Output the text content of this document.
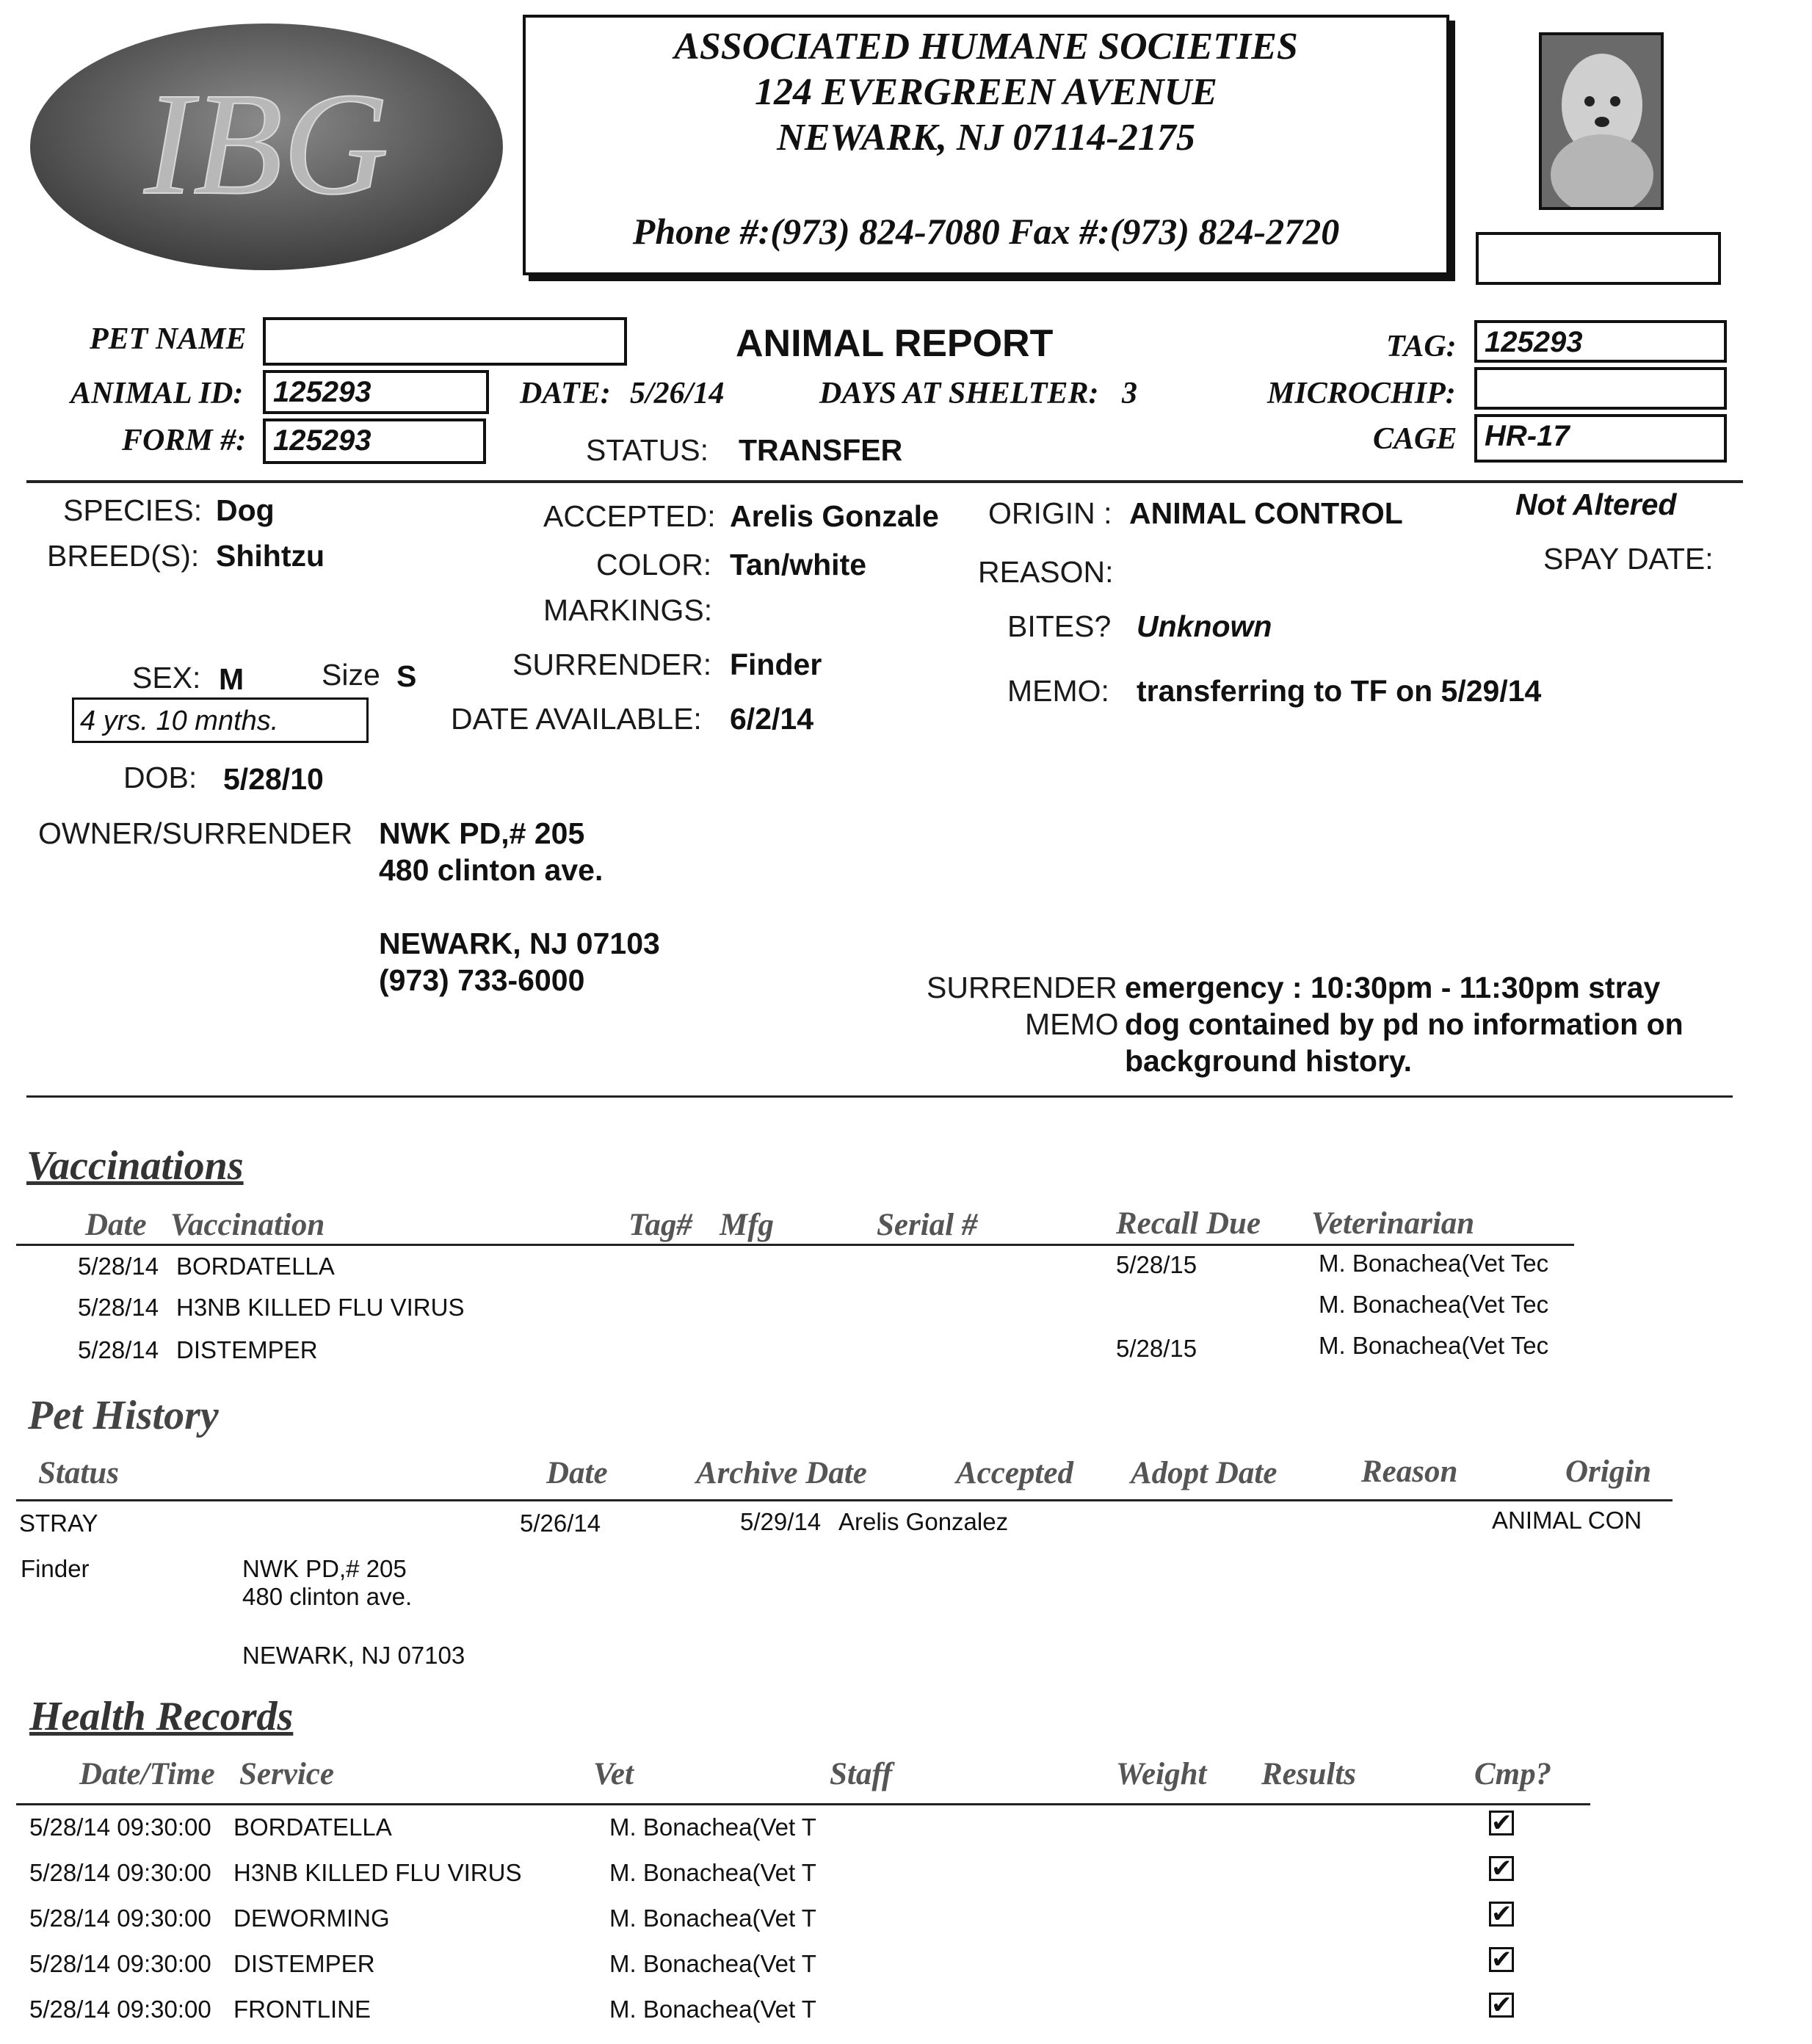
IBG
ASSOCIATED HUMANE SOCIETIES
124 EVERGREEN AVENUE
NEWARK, NJ 07114-2175
Phone #:(973) 824-7080 Fax #:(973) 824-2720
PET NAME	ANIMAL REPORT	TAG: 125293
ANIMAL ID: 125293	DATE: 5/26/14	DAYS AT SHELTER: 3	MICROCHIP:
FORM #: 125293	STATUS: TRANSFER	CAGE HR-17
SPECIES: Dog
BREED(S): Shihtzu
SEX: M	Size S
4 yrs. 10 mnths.
DOB: 5/28/10
ACCEPTED: Arelis Gonzale
COLOR: Tan/white
MARKINGS:
SURRENDER: Finder
DATE AVAILABLE: 6/2/14
ORIGIN : ANIMAL CONTROL
REASON:
BITES? Unknown
MEMO: transferring to TF on 5/29/14
Not Altered
SPAY DATE:
OWNER/SURRENDER NWK PD,# 205
480 clinton ave.
NEWARK, NJ 07103
(973) 733-6000	SURRENDER
MEMO
emergency : 10:30pm - 11:30pm stray
dog contained by pd no information on
background history.
Vaccinations
Date Vaccination	Tag# Mfg	Serial #	Recall Due Veterinarian
5/28/14 BORDATELLA	5/28/15	M. Bonachea(Vet Tec
5/28/14 H3NB KILLED FLU VIRUS	M. Bonachea(Vet Tec
5/28/14 DISTEMPER	5/28/15	M. Bonachea(Vet Tec
Pet History
Status	Date	Archive Date	Accepted Adopt Date	Reason	Origin
STRAY	5/26/14	5/29/14 Arelis Gonzalez	ANIMAL CON
Finder	NWK PD,# 205
480 clinton ave.
NEWARK, NJ 07103
Health Records
Date/Time Service	Vet	Staff	Weight Results	Cmp?
5/28/14 09:30:00 BORDATELLA	M. Bonachea(Vet T	✔
5/28/14 09:30:00 H3NB KILLED FLU VIRUS	M. Bonachea(Vet T	✔
5/28/14 09:30:00 DEWORMING	M. Bonachea(Vet T	✔
5/28/14 09:30:00 DISTEMPER	M. Bonachea(Vet T	✔
5/28/14 09:30:00 FRONTLINE	M. Bonachea(Vet T	✔
